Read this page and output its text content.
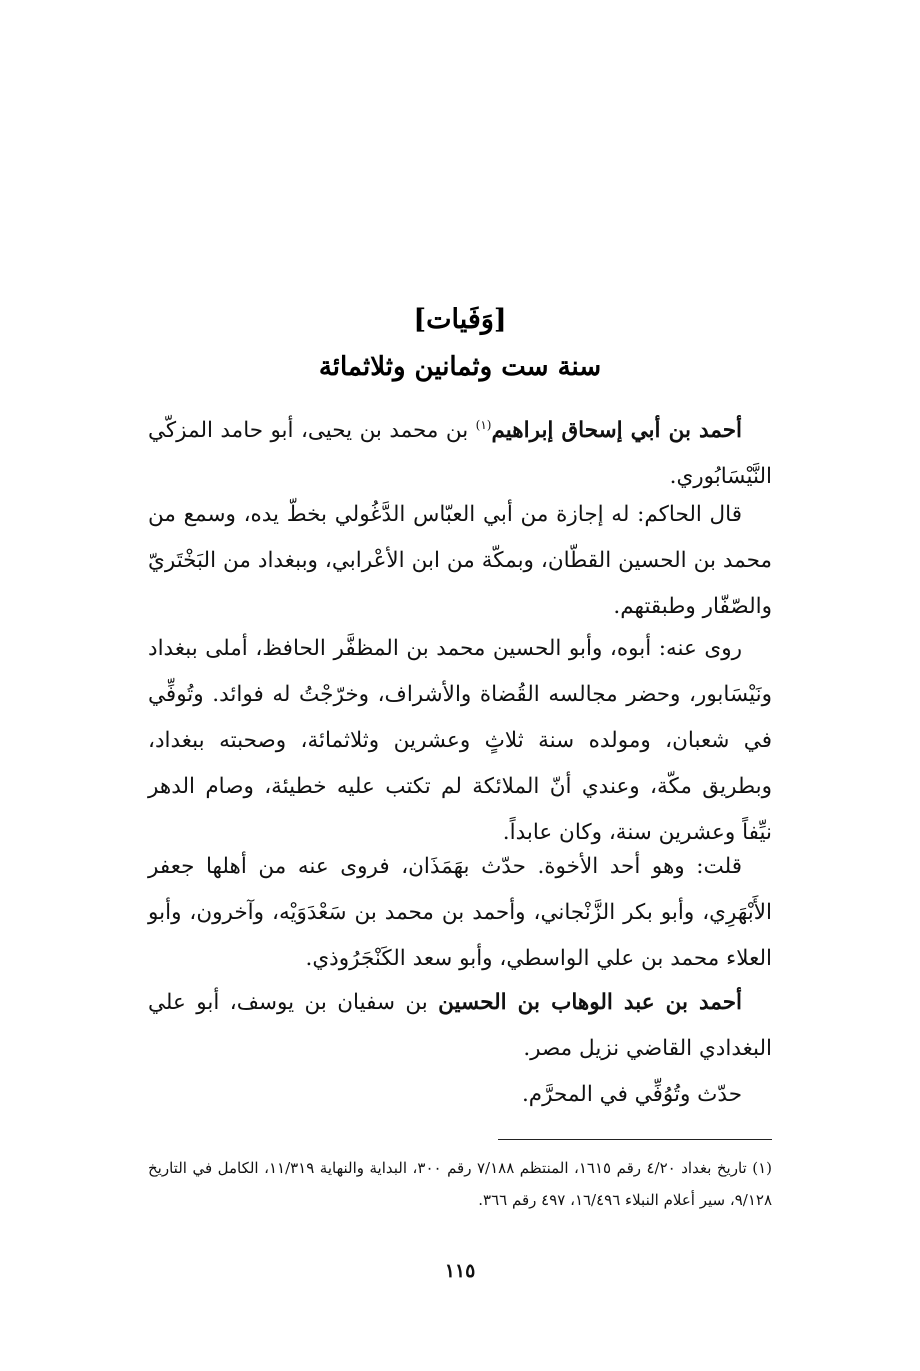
[وَفَيات]
سنة ست وثمانين وثلاثمائة

أحمد بن أبي إسحاق إبراهيم$^{(١)}$ بن محمد بن يحيى، أبو حامد المزكّي النَّيْسَابُوري.

قال الحاكم: له إجازة من أبي العبّاس الدَّغُولي بخطّ يده، وسمع من محمد بن الحسين القطّان، وبمكّة من ابن الأعْرابي، وببغداد من البَخْتَريّ والصّفّار وطبقتهم.

روى عنه: أبوه، وأبو الحسين محمد بن المظفَّر الحافظ، أملى ببغداد ونَيْسَابور، وحضر مجالسه القُضاة والأشراف، وخرّجْتُ له فوائد. وتُوفِّي في شعبان، ومولده سنة ثلاثٍ وعشرين وثلاثمائة، وصحبته ببغداد، وبطريق مكّة، وعندي أنّ الملائكة لم تكتب عليه خطيئة، وصام الدهر نيِّفاً وعشرين سنة، وكان عابداً.

قلت: وهو أحد الأخوة. حدّث بهَمَذَان، فروى عنه من أهلها جعفر الأَبْهَرِي، وأبو بكر الزَّنْجاني، وأحمد بن محمد بن سَعْدَوَيْه، وآخرون، وأبو العلاء محمد بن علي الواسطي، وأبو سعد الكَنْجَرُوذي.

أحمد بن عبد الوهاب بن الحسين بن سفيان بن يوسف، أبو علي البغدادي القاضي نزيل مصر.

حدّث وتُوُفِّي في المحرَّم.

(١) تاريخ بغداد ٤/٢٠ رقم ١٦١٥، المنتظم ٧/١٨٨ رقم ٣٠٠، البداية والنهاية ١١/٣١٩، الكامل في التاريخ ٩/١٢٨، سير أعلام النبلاء ١٦/٤٩٦، ٤٩٧ رقم ٣٦٦.

١١٥
